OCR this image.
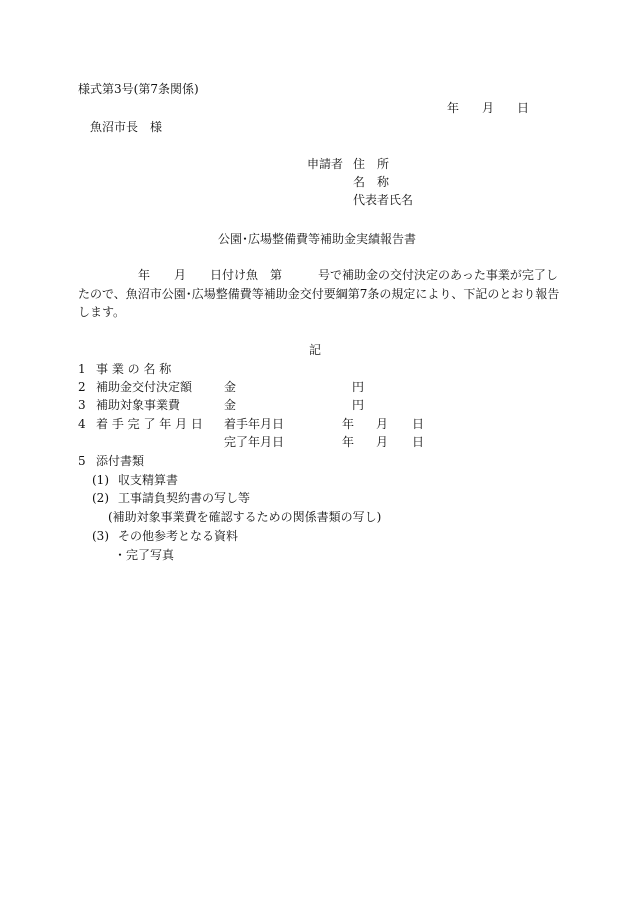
様式第3号(第7条関係)
年 月 日
魚沼市長　様
申請者 住　所
名　称
代表者氏名
公園･広場整備費等補助金実績報告書
年　　月　　日付け魚　第　　　号で補助金の交付決定のあった事業が完了し
たので、魚沼市公園･広場整備費等補助金交付要綱第7条の規定により、下記のとおり報告
します。
記
1 事 業 の 名 称
2 補助金交付決定額	金	円
3 補助対象事業費	金	円
4 着 手 完 了 年 月 日 着手年月日	年 月 日
完了年月日	年 月 日
5 添付書類
(1) 収支精算書
(2) 工事請負契約書の写し等
(補助対象事業費を確認するための関係書類の写し)
(3) その他参考となる資料
・完了写真
